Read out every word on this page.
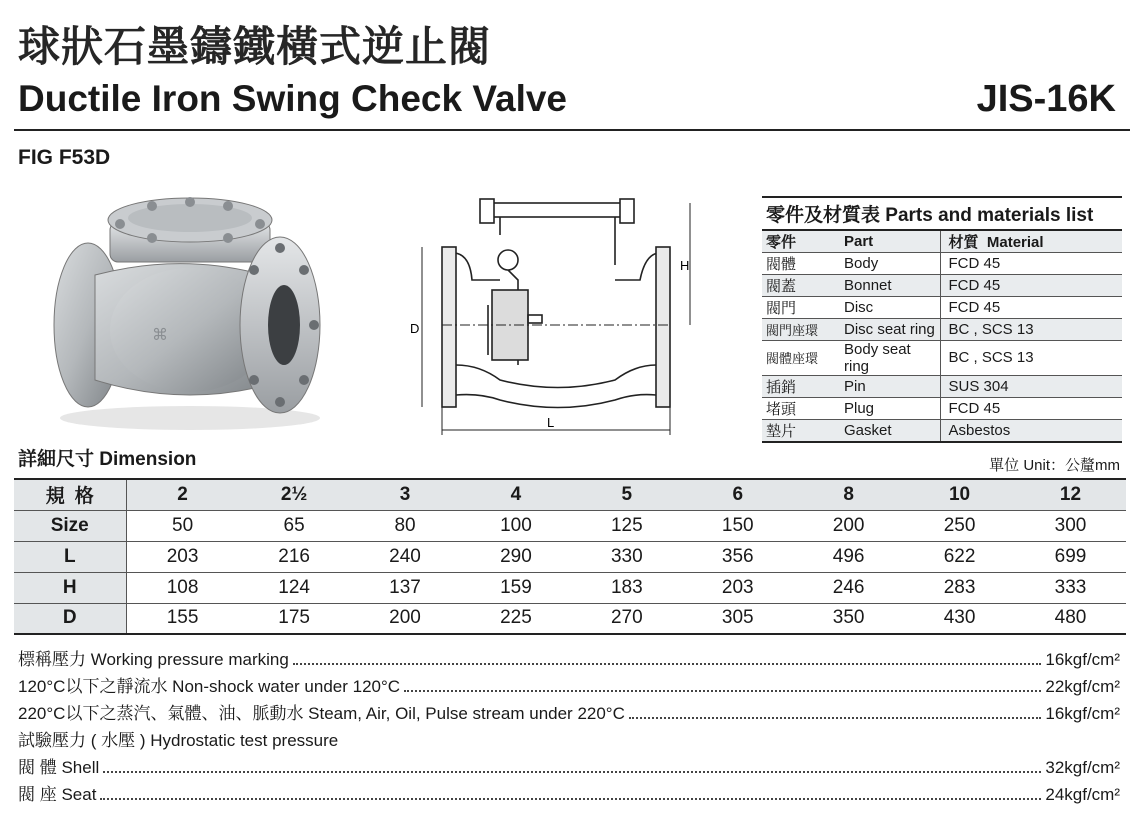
球狀石墨鑄鐵橫式逆止閥
Ductile Iron Swing Check Valve	JIS-16K
FIG F53D
⌘
L
D
H
零件及材質表 Parts and materials list		
零件	Part	材質 Material
閥體	Body	FCD 45
閥蓋	Bonnet	FCD 45
閥門	Disc	FCD 45
閥門座環	Disc seat ring	BC , SCS 13
閥體座環	Body seat ring	BC , SCS 13
插銷	Pin	SUS 304
堵頭	Plug	FCD 45
墊片	Gasket	Asbestos
詳細尺寸 Dimension	單位 Unit：公釐mm
規格	2	2½	3	4	5	6	8	10	12
Size	50	65	80	100	125	150	200	250	300
L	203	216	240	290	330	356	496	622	699
H	108	124	137	159	183	203	246	283	333
D	155	175	200	225	270	305	350	430	480
標稱壓力 Working pressure marking	16kgf/cm²
120°C以下之靜流水 Non-shock water under 120°C	22kgf/cm²
220°C以下之蒸汽、氣體、油、脈動水 Steam, Air, Oil, Pulse stream under 220°C	16kgf/cm²
試驗壓力 ( 水壓 ) Hydrostatic test pressure
閥 體 Shell	32kgf/cm²
閥 座 Seat	24kgf/cm²
